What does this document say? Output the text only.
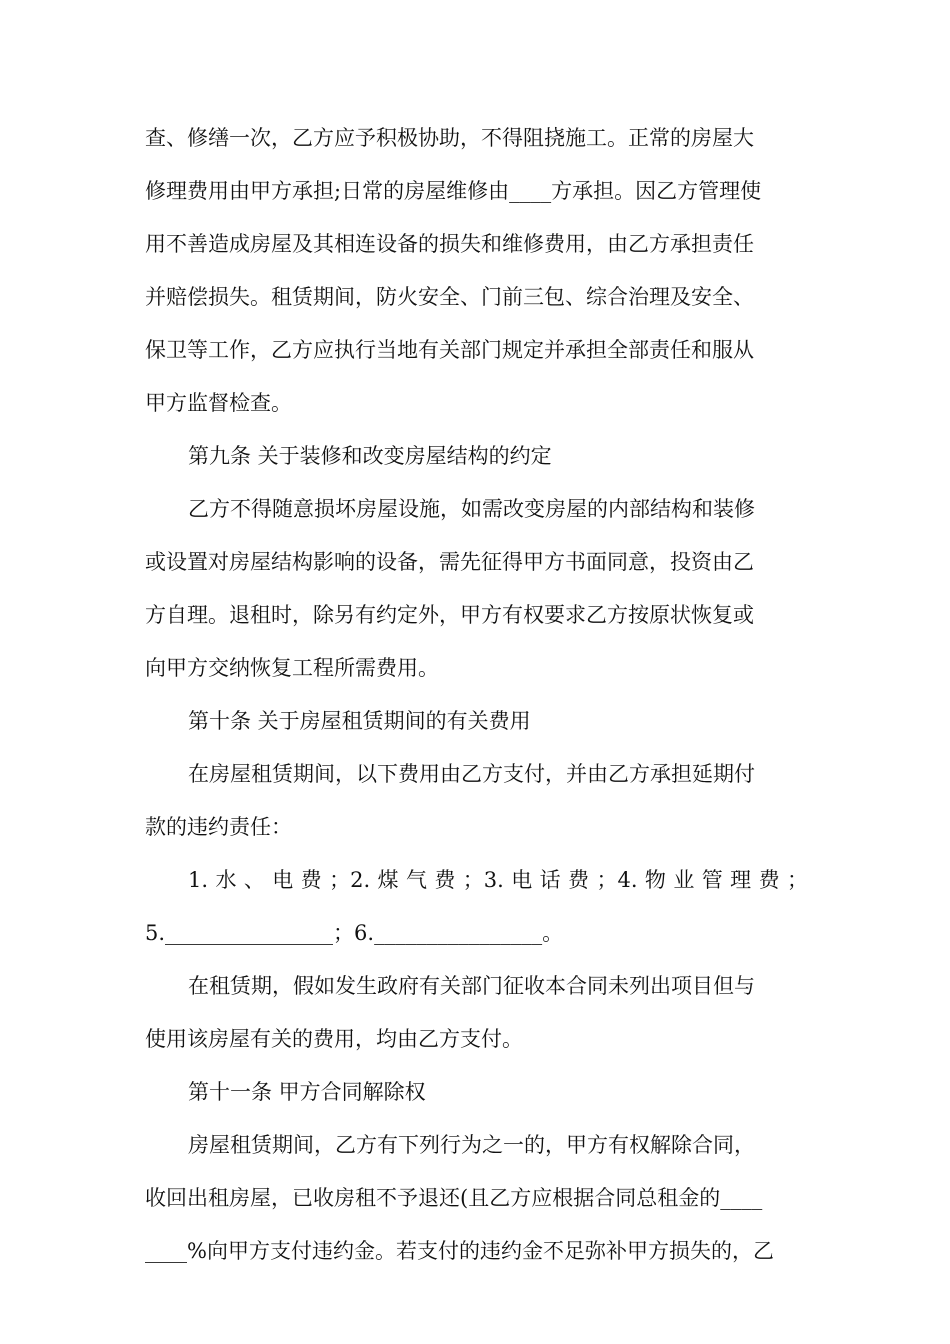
查、修缮一次，乙方应予积极协助，不得阻挠施工。正常的房屋大
修理费用由甲方承担;日常的房屋维修由____方承担。因乙方管理使
用不善造成房屋及其相连设备的损失和维修费用，由乙方承担责任
并赔偿损失。租赁期间，防火安全、门前三包、综合治理及安全、
保卫等工作，乙方应执行当地有关部门规定并承担全部责任和服从
甲方监督检查。
第九条 关于装修和改变房屋结构的约定
乙方不得随意损坏房屋设施，如需改变房屋的内部结构和装修
或设置对房屋结构影响的设备，需先征得甲方书面同意，投资由乙
方自理。退租时，除另有约定外，甲方有权要求乙方按原状恢复或
向甲方交纳恢复工程所需费用。
第十条 关于房屋租赁期间的有关费用
在房屋租赁期间，以下费用由乙方支付，并由乙方承担延期付
款的违约责任：
1.水、电费；2.煤气费；3.电话费；4.物业管理费；
5.________________；6.________________。
在租赁期，假如发生政府有关部门征收本合同未列出项目但与
使用该房屋有关的费用，均由乙方支付。
第十一条 甲方合同解除权
房屋租赁期间，乙方有下列行为之一的，甲方有权解除合同，
收回出租房屋，已收房租不予退还(且乙方应根据合同总租金的____
____%向甲方支付违约金。若支付的违约金不足弥补甲方损失的，乙
